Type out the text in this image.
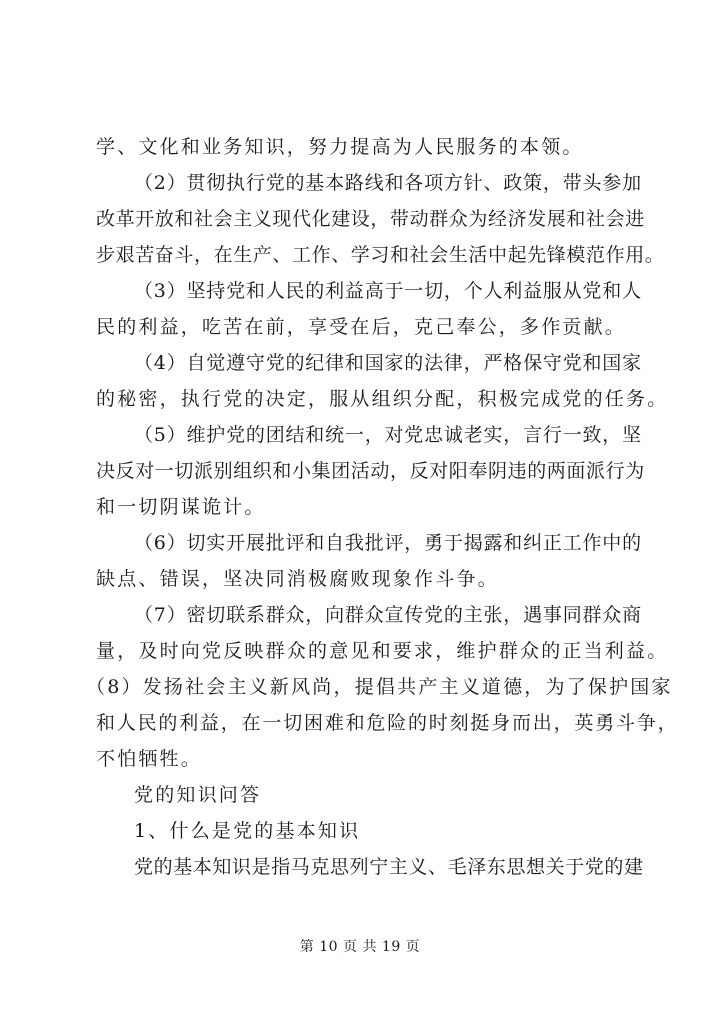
学、文化和业务知识，努力提高为人民服务的本领。
（2）贯彻执行党的基本路线和各项方针、政策，带头参加
改革开放和社会主义现代化建设，带动群众为经济发展和社会进
步艰苦奋斗，在生产、工作、学习和社会生活中起先锋模范作用。
（3）坚持党和人民的利益高于一切，个人利益服从党和人
民的利益，吃苦在前，享受在后，克己奉公，多作贡献。
（4）自觉遵守党的纪律和国家的法律，严格保守党和国家
的秘密，执行党的决定，服从组织分配，积极完成党的任务。
（5）维护党的团结和统一，对党忠诚老实，言行一致，坚
决反对一切派别组织和小集团活动，反对阳奉阴违的两面派行为
和一切阴谋诡计。
（6）切实开展批评和自我批评，勇于揭露和纠正工作中的
缺点、错误，坚决同消极腐败现象作斗争。
（7）密切联系群众，向群众宣传党的主张，遇事同群众商
量，及时向党反映群众的意见和要求，维护群众的正当利益。
（8）发扬社会主义新风尚，提倡共产主义道德，为了保护国家
和人民的利益，在一切困难和危险的时刻挺身而出，英勇斗争，
不怕牺牲。
党的知识问答
1、什么是党的基本知识
党的基本知识是指马克思列宁主义、毛泽东思想关于党的建
第 10 页 共 19 页
